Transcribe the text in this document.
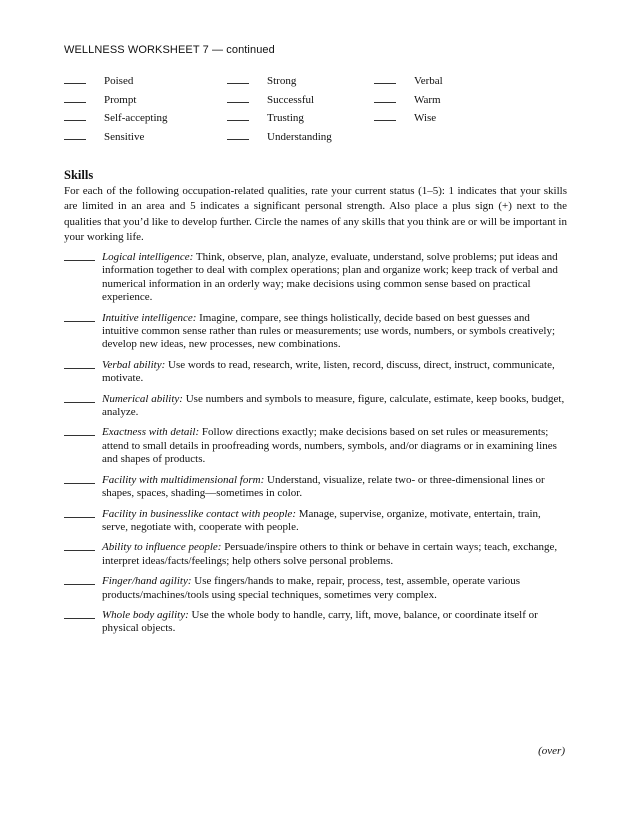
WELLNESS WORKSHEET 7 — continued
Poised	Strong	Verbal
Prompt	Successful	Warm
Self-accepting	Trusting	Wise
Sensitive	Understanding
Skills
For each of the following occupation-related qualities, rate your current status (1–5): 1 indicates that your skills are limited in an area and 5 indicates a significant personal strength. Also place a plus sign (+) next to the qualities that you’d like to develop further. Circle the names of any skills that you think are or will be important in your working life.
Logical intelligence: Think, observe, plan, analyze, evaluate, understand, solve problems; put ideas and information together to deal with complex operations; plan and organize work; keep track of verbal and numerical information in an orderly way; make decisions using common sense based on practical experience.
Intuitive intelligence: Imagine, compare, see things holistically, decide based on best guesses and intuitive common sense rather than rules or measurements; use words, numbers, or symbols creatively; develop new ideas, new processes, new combinations.
Verbal ability: Use words to read, research, write, listen, record, discuss, direct, instruct, communicate, motivate.
Numerical ability: Use numbers and symbols to measure, figure, calculate, estimate, keep books, budget, analyze.
Exactness with detail: Follow directions exactly; make decisions based on set rules or measurements; attend to small details in proofreading words, numbers, symbols, and/or diagrams or in examining lines and shapes of products.
Facility with multidimensional form: Understand, visualize, relate two- or three-dimensional lines or shapes, spaces, shading—sometimes in color.
Facility in businesslike contact with people: Manage, supervise, organize, motivate, entertain, train, serve, negotiate with, cooperate with people.
Ability to influence people: Persuade/inspire others to think or behave in certain ways; teach, exchange, interpret ideas/facts/feelings; help others solve personal problems.
Finger/hand agility: Use fingers/hands to make, repair, process, test, assemble, operate various products/machines/tools using special techniques, sometimes very complex.
Whole body agility: Use the whole body to handle, carry, lift, move, balance, or coordinate itself or physical objects.
(over)
